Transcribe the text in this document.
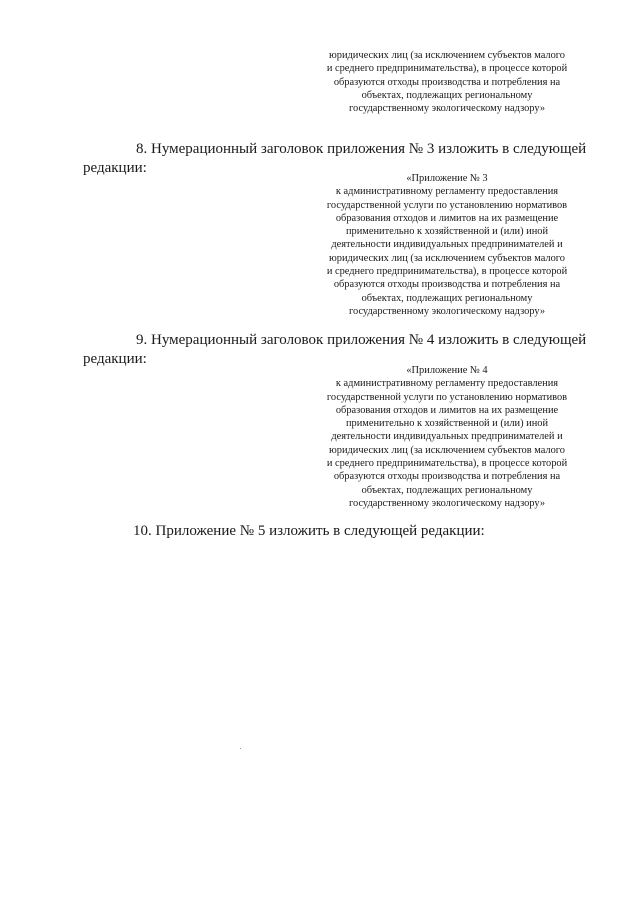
юридических лиц (за исключением субъектов малого
и среднего предпринимательства), в процессе которой
образуются отходы производства и потребления на
объектах, подлежащих региональному
государственному экологическому надзору»
8. Нумерационный заголовок приложения № 3 изложить в следующей
редакции:
«Приложение № 3
к административному регламенту предоставления
государственной услуги по установлению нормативов
образования отходов и лимитов на их размещение
применительно к хозяйственной и (или) иной
деятельности индивидуальных предпринимателей и
юридических лиц (за исключением субъектов малого
и среднего предпринимательства), в процессе которой
образуются отходы производства и потребления на
объектах, подлежащих региональному
государственному экологическому надзору»
9. Нумерационный заголовок приложения № 4 изложить в следующей
редакции:
«Приложение № 4
к административному регламенту предоставления
государственной услуги по установлению нормативов
образования отходов и лимитов на их размещение
применительно к хозяйственной и (или) иной
деятельности индивидуальных предпринимателей и
юридических лиц (за исключением субъектов малого
и среднего предпринимательства), в процессе которой
образуются отходы производства и потребления на
объектах, подлежащих региональному
государственному экологическому надзору»
10. Приложение № 5 изложить в следующей редакции:
